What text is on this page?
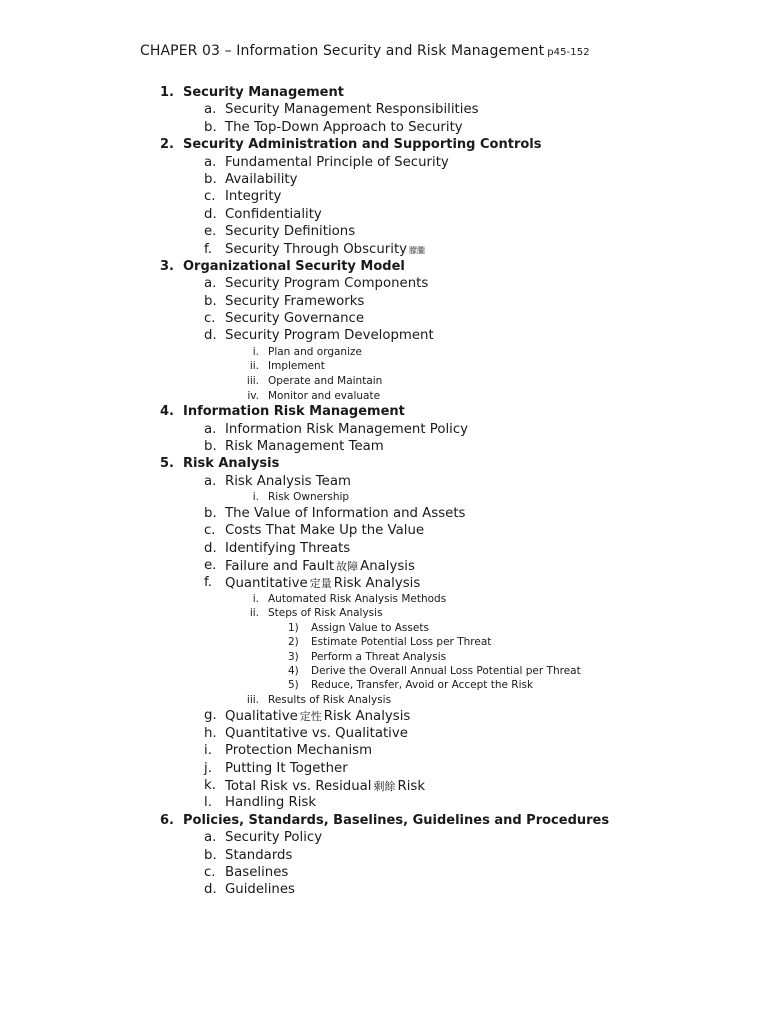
CHAPER 03 – Information Security and Risk Management p45-152
1. Security Management
a. Security Management Responsibilities
b. The Top-Down Approach to Security
2. Security Administration and Supporting Controls
a. Fundamental Principle of Security
b. Availability
c. Integrity
d. Confidentiality
e. Security Definitions
f. Security Through Obscurity 朦朧
3. Organizational Security Model
a. Security Program Components
b. Security Frameworks
c. Security Governance
d. Security Program Development
i. Plan and organize
ii. Implement
iii. Operate and Maintain
iv. Monitor and evaluate
4. Information Risk Management
a. Information Risk Management Policy
b. Risk Management Team
5. Risk Analysis
a. Risk Analysis Team
i. Risk Ownership
b. The Value of Information and Assets
c. Costs That Make Up the Value
d. Identifying Threats
e. Failure and Fault 故障 Analysis
f. Quantitative 定量 Risk Analysis
i. Automated Risk Analysis Methods
ii. Steps of Risk Analysis
1) Assign Value to Assets
2) Estimate Potential Loss per Threat
3) Perform a Threat Analysis
4) Derive the Overall Annual Loss Potential per Threat
5) Reduce, Transfer, Avoid or Accept the Risk
iii. Results of Risk Analysis
g. Qualitative 定性 Risk Analysis
h. Quantitative vs. Qualitative
i. Protection Mechanism
j. Putting It Together
k. Total Risk vs. Residual 剩餘 Risk
l. Handling Risk
6. Policies, Standards, Baselines, Guidelines and Procedures
a. Security Policy
b. Standards
c. Baselines
d. Guidelines
